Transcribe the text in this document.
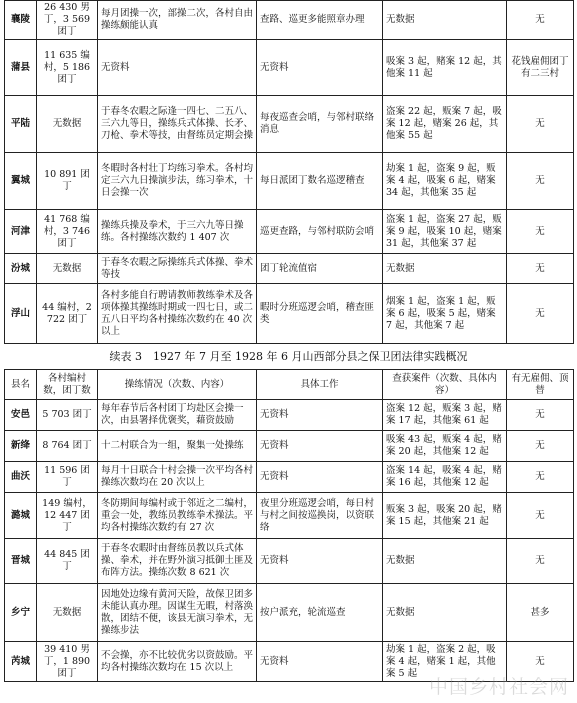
襄陵	26 430 男丁，3 569 团丁	每月团操一次，部操二次，各村自由操练颇能认真	查路、巡更多能照章办理	无数据	无
蒲县	11 635 编村，5 186 团丁	无资料	无资料	吸案 3 起，赌案 12 起，其他案 11 起	花钱雇佣团丁有二三村
平陆	无数据	于春冬农暇之际逢一四七、二五八、三六九等日，操练兵式体操、长矛、刀枪、拳术等技，由督练员定期会操	每夜巡查会哨，与邻村联络消息	盗案 22 起，贩案 7 起，吸案 12 起，赌案 26 起，其他案 55 起	无
翼城	10 891 团丁	冬暇时各村壮丁均练习拳术。各村均定三六九日操演步法，练习拳术，十日会操一次	每日派团丁数名巡逻稽查	劫案 1 起，盗案 9 起，贩案 4 起，吸案 6 起，赌案 34 起，其他案 35 起	无
河津	41 768 编村，3 746 团丁	操练兵操及拳术，于三六九等日操练。各村操练次数约 1 407 次	巡更查路，与邻村联防会哨	盗案 1 起，盗案 27 起，贩案 9 起，吸案 10 起，赌案 31 起，其他案 37 起	无
汾城	无数据	于春冬农暇之际操练兵式体操、拳术等技	团丁轮流值宿	无数据	无
浮山	44 编村，2 722 团丁	各村多能自行聘请教师教练拳术及各项体操其操练时期或一四七日，或二五八日平均各村操练次数约在 40 次以上	暇时分班巡逻会哨，稽查匪类	烟案 1 起，盗案 1 起，贩案 6 起，吸案 5 起，赌案 7 起，其他案 7 起	无
续表 3　1927 年 7 月至 1928 年 6 月山西部分县之保卫团法律实践概况
县名	各村编村数，团丁数	操练情况（次数、内容）	具体工作	查获案件（次数、具体内容）	有无雇佣、顶替
安邑	5 703 团丁	每年春节后各村团丁均赴区会操一次，由县署择优褒奖，藉资鼓励	无资料	盗案 12 起，贩案 3 起，赌案 17 起，其他案 61 起	无
新绛	8 764 团丁	十二村联合为一组，聚集一处操练	无资料	吸案 43 起，贩案 4 起，赌案 20 起，其他案 12 起	无
曲沃	11 596 团丁	每月十日联合十村会操一次平均各村操练次数均在 20 次以上	无资料	盗案 14 起，吸案 4 起，赌案 16 起，其他案 12 起	无
潞城	149 编村，12 447 团丁	冬防期间每编村或于邻近之二编村，重会一处，教练员教练拳术操法。平均各村操练次数约有 27 次	夜里分班巡逻会哨，每日村与村之间按巡换岗，以资联络	贩案 3 起，吸案 20 起，赌案 15 起，其他案 21 起	无
晋城	44 845 团丁	于春冬农暇时由督练员教以兵式体操、拳术，并在野外演习抵御土匪及布阵方法。操练次数 8 621 次	无资料	无数据	无
乡宁	无数据	因地处边缘有黄河天险，故保卫团多未能认真办理。因谋生无暇，村落涣散，团结不便，该县无演习拳术，无操练步法	按户派充，轮流巡查	无数据	甚多
芮城	39 410 男丁，1 890 团丁	不会操，亦不比较优劣以资鼓励。平均各村操练次数均在 15 次以上	无资料	劫案 1 起，盗案 2 起，吸案 4 起，赌案 1 起，其他案 5 起	无
中国乡村社会网
